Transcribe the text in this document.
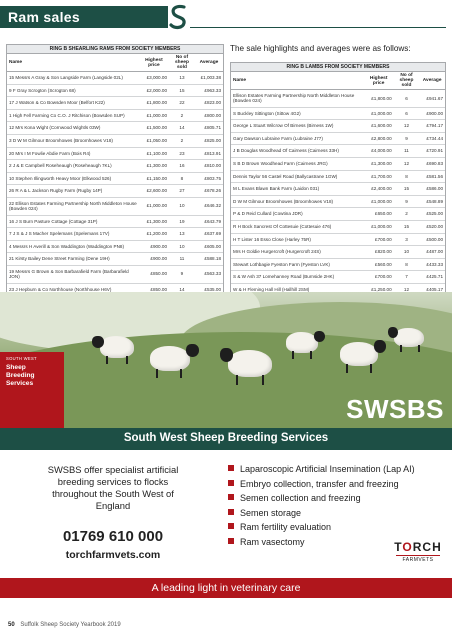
Ram sales
The sale highlights and averages were as follows:
RING B SHEARLING RAMS FROM SOCIETY MEMBERS
Name	Highest price	No of sheep sold	Average
15 Messrs A Gray & Son Langside Farm (Langside 02L)	£3,000.00	13	£1,003.38
9 F Gray Scrogton (Scrogton 68)	£2,000.00	15	£963.33
17 J Watson & Co Bowsden Moor (Belfort K22)	£1,800.00	22	£823.00
1 High Fell Farming Co C.O. J Ritchison (Bowsden SUP)	£1,000.00	2	£800.00
12 Mrs Kona Wight (Cornwood Wightls 03W)	£1,500.00	14	£805.71
3 D W M Gilmour Broomhowes (Broomhowes V18)	£1,050.00	2	£825.00
20 Mrs I M Fowlie Abdie Farm (Bois R4)	£1,100.00	23	£813.91
2 J & E Campbell Roseheaugh (Roseheaugh 7KL)	£1,300.00	16	£810.00
10 Stephen Illingworth Heavy Moor (Elkwood 526)	£1,150.00	8	£803.75
26 R A & L Jackson Rugby Farm (Rugby 14P)	£2,600.00	27	£678.26
22 Ellison Estates Farming Partnership North Middleton House (Bowden 024)	£1,000.00	10	£646.32
16 J S Burn Pasture Cottage (Cottage 31P)	£1,300.00	19	£643.79
7 J S & J S Macher Spelemans (Spelemans 17V)	£1,200.00	13	£637.69
4 Messrs H Averill & Son Waddington (Waddington PN8)	£900.00	10	£605.00
21 Kirsty Bailey Dene Street Farming (Dene 19H)	£900.00	11	£588.18
19 Messrs G Brown & Son Barbarafield Farm (Barbarafield JON)	£850.00	9	£563.33
23 J Hepburn & Co Northhouse (Northhouse H6V)	£850.00	14	£535.00

RING B LAMBS FROM SOCIETY MEMBERS
Name	Highest price	No of sheep sold	Average
Ellison Estates Farming Partnership North Middleton House (Bowden 024)	£1,800.00	6	£941.67
S Buckley Sittington (Sittow 4G2)	£1,000.00	6	£900.00
George L Stuart Wilcrow Of Birness (Birness 1W)	£1,600.00	12	£794.17
Gary Dawson Lubraine Farm (Lubraine J77)	£2,800.00	9	£734.44
J B Douglas Woodhead Of Cairness (Cairness 33H)	£4,000.00	11	£720.91
S B D Brown Woodhead Farm (Cairness JRG)	£1,300.00	12	£690.83
Dennis Taylor 56 Castel Road (Ballycastrane 1GW)	£1,700.00	8	£581.56
M L Evans Blawn Bank Farm (Laidon 031)	£2,400.00	15	£586.00
D W M Gilmour Broomhowes (Broomhowes V18)	£1,000.00	9	£548.89
P & D Reid Cullard (Cowtina JDR)	£650.00	2	£525.00
R H Bock Sancrest Of Cottesuie (Cottesuie 476)	£1,000.00	15	£520.00
H T Lister 16 Esso Close (Harley 75R)	£700.00	3	£500.00
Mrs H Goldie Hurgercroft (Hurgercroft 24S)	£820.00	10	£487.00
Stewart Lothbagie Fyeston Farm (Fyeston LVK)	£560.00	8	£433.33
S & W Ash 37 Lomehanney Road (Burnside 2HK)	£700.00	7	£425.71
W & H Fleming Hall Hill (Hallhill 2SM)	£1,250.00	12	£405.17

SOUTH WEST
Sheep
Breeding
Services
SWSBS
South West Sheep Breeding Services
SWSBS offer specialist artificial
breeding services to flocks
throughout the South West of
England
01769 610 000
torchfarmvets.com
Laparoscopic Artificial Insemination (Lap AI)
Embryo collection, transfer and freezing
Semen collection and freezing
Semen storage
Ram fertility evaluation
Ram vasectomy	TORCH
FARMVETS
A leading light in veterinary care
50 Suffolk Sheep Society Yearbook 2019
